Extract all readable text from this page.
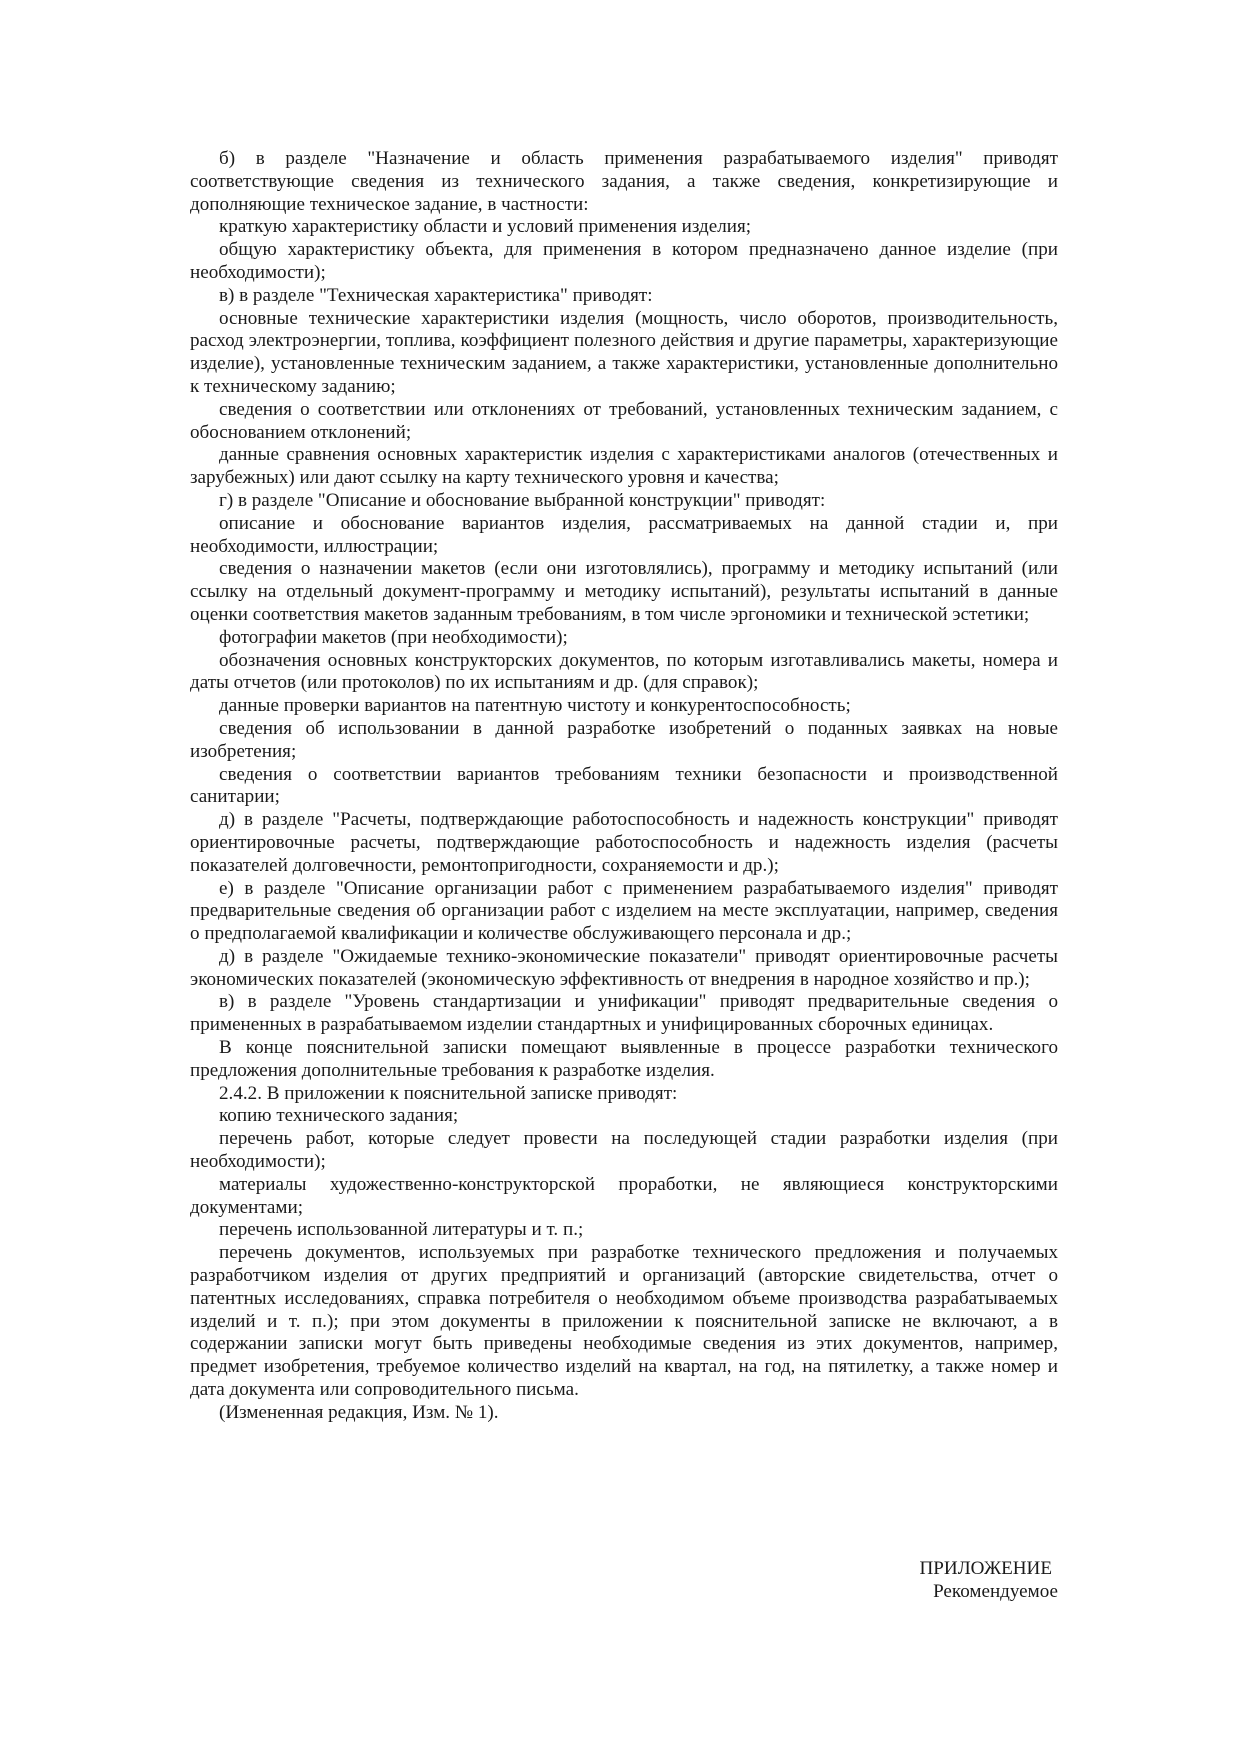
б) в разделе "Назначение и область применения разрабатываемого изделия" приводят соответствующие сведения из технического задания, а также сведения, конкретизирующие и дополняющие техническое задание, в частности:

краткую характеристику области и условий применения изделия;

общую характеристику объекта, для применения в котором предназначено данное изделие (при необходимости);

в) в разделе "Техническая характеристика" приводят:

основные технические характеристики изделия (мощность, число оборотов, производительность, расход электроэнергии, топлива, коэффициент полезного действия и другие параметры, характеризующие изделие), установленные техническим заданием, а также характеристики, установленные дополнительно к техническому заданию;

сведения о соответствии или отклонениях от требований, установленных техническим заданием, с обоснованием отклонений;

данные сравнения основных характеристик изделия с характеристиками аналогов (отечественных и зарубежных) или дают ссылку на карту технического уровня и качества;

г) в разделе "Описание и обоснование выбранной конструкции" приводят:

описание и обоснование вариантов изделия, рассматриваемых на данной стадии и, при необходимости, иллюстрации;

сведения о назначении макетов (если они изготовлялись), программу и методику испытаний (или ссылку на отдельный документ-программу и методику испытаний), результаты испытаний в данные оценки соответствия макетов заданным требованиям, в том числе эргономики и технической эстетики;

фотографии макетов (при необходимости);

обозначения основных конструкторских документов, по которым изготавливались макеты, номера и даты отчетов (или протоколов) по их испытаниям и др. (для справок);

данные проверки вариантов на патентную чистоту и конкурентоспособность;

сведения об использовании в данной разработке изобретений о поданных заявках на новые изобретения;

сведения о соответствии вариантов требованиям техники безопасности и производственной санитарии;

д) в разделе "Расчеты, подтверждающие работоспособность и надежность конструкции" приводят ориентировочные расчеты, подтверждающие работоспособность и надежность изделия (расчеты показателей долговечности, ремонтопригодности, сохраняемости и др.);

е) в разделе "Описание организации работ с применением разрабатываемого изделия" приводят предварительные сведения об организации работ с изделием на месте эксплуатации, например, сведения о предполагаемой квалификации и количестве обслуживающего персонала и др.;

д) в разделе "Ожидаемые технико-экономические показатели" приводят ориентировочные расчеты экономических показателей (экономическую эффективность от внедрения в народное хозяйство и пр.);

в) в разделе "Уровень стандартизации и унификации" приводят предварительные сведения о примененных в разрабатываемом изделии стандартных и унифицированных сборочных единицах.

В конце пояснительной записки помещают выявленные в процессе разработки технического предложения дополнительные требования к разработке изделия.

2.4.2. В приложении к пояснительной записке приводят:

копию технического задания;

перечень работ, которые следует провести на последующей стадии разработки изделия (при необходимости);

материалы художественно-конструкторской проработки, не являющиеся конструкторскими документами;

перечень использованной литературы и т. п.;

перечень документов, используемых при разработке технического предложения и получаемых разработчиком изделия от других предприятий и организаций (авторские свидетельства, отчет о патентных исследованиях, справка потребителя о необходимом объеме производства разрабатываемых изделий и т. п.); при этом документы в приложении к пояснительной записке не включают, а в содержании записки могут быть приведены необходимые сведения из этих документов, например, предмет изобретения, требуемое количество изделий на квартал, на год, на пятилетку, а также номер и дата документа или сопроводительного письма.

(Измененная редакция, Изм. № 1).

ПРИЛОЖЕНИЕ
Рекомендуемое
